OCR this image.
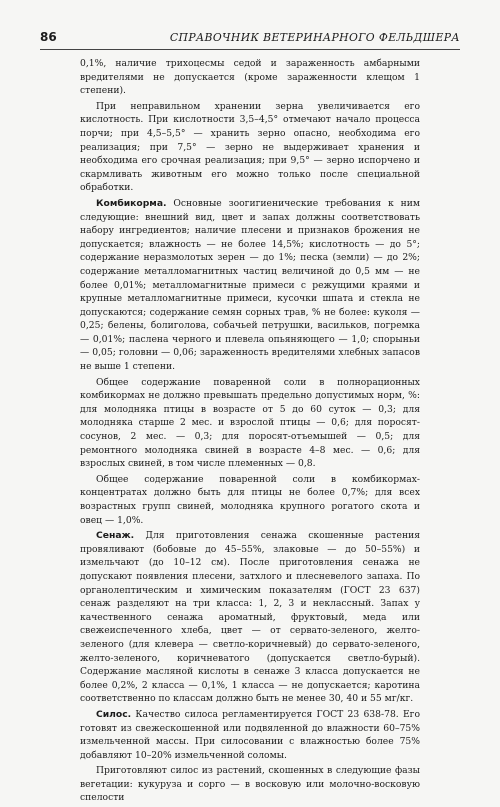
86	СПРАВОЧНИК ВЕТЕРИНАРНОГО ФЕЛЬДШЕРА

0,1%, наличие трихоцесмы седой и зараженность амбарными вредителями не допускается (кроме зараженности клещом 1 степени).

При неправильном хранении зерна увеличивается его кислотность. При кислотности 3,5–4,5° отмечают начало процесса порчи; при 4,5–5,5° — хранить зерно опасно, необходима его реализация; при 7,5° — зерно не выдерживает хранения и необходима его срочная реализация; при 9,5° — зерно испорчено и скармливать животным его можно только после специальной обработки.

Комбикорма. Основные зоогигиенические требования к ним следующие: внешний вид, цвет и запах должны соответствовать набору ингредиентов; наличие плесени и признаков брожения не допускается; влажность — не более 14,5%; кислотность — до 5°; содержание неразмолотых зерен — до 1%; песка (земли) — до 2%; содержание металломагнитных частиц величиной до 0,5 мм — не более 0,01%; металломагнитные примеси с режущими краями и крупные металломагнитные примеси, кусочки шпата и стекла не допускаются; содержание семян сорных трав, % не более: куколя — 0,25; белены, болиголова, собачьей петрушки, васильков, погремка— 0,01%; паслена черного и плевела опьяняющего — 1,0; спорыньи — 0,05; головни — 0,06; зараженность вредителями хлебных запасов не выше 1 степени.

Общее содержание поваренной соли в полнорационных комбикормах не должно превышать предельно допустимых норм, %: для молодняка птицы в возрасте от 5 до 60 суток — 0,3; для молодняка старше 2 мес. и взрослой птицы — 0,6; для поросят-сосунов, 2 мес. — 0,3; для поросят-отъемышей — 0,5; для ремонтного молодняка свиней в возрасте 4–8 мес. — 0,6; для взрослых свиней, в том числе племенных — 0,8.

Общее содержание поваренной соли в комбикормах-концентратах должно быть для птицы не более 0,7%; для всех возрастных групп свиней, молодняка крупного рогатого скота и овец — 1,0%.

Сенаж. Для приготовления сенажа скошенные растения провяливают (бобовые до 45–55%, злаковые — до 50–55%) и измельчают (до 10–12 см). После приготовления сенажа не допускают появления плесени, затхлого и плесневелого запаха. По органолептическим и химическим показателям (ГОСТ 23 637) сенаж разделяют на три класса: 1, 2, 3 и неклассный. Запах у качественного сенажа ароматный, фруктовый, меда или свежеиспеченного хлеба, цвет — от сервато-зеленого, желто-зеленого (для клевера — светло-коричневый) до сервато-зеленого, желто-зеленого, коричневатого (допускается светло-бурый). Содержание масляной кислоты в сенаже 3 класса допускается не более 0,2%, 2 класса — 0,1%, 1 класса — не допускается; каротина соответственно по классам должно быть не менее 30, 40 и 55 мг/кг.

Силос. Качество силоса регламентируется ГОСТ 23 638-78. Его готовят из свежескошенной или подвяленной до влажности 60–75% измельченной массы. При силосовании с влажностью более 75% добавляют 10–20% измельченной соломы.

Приготовляют силос из растений, скошенных в следующие фазы вегетации: кукуруза и сорго — в восковую или молочно-восковую спелости
